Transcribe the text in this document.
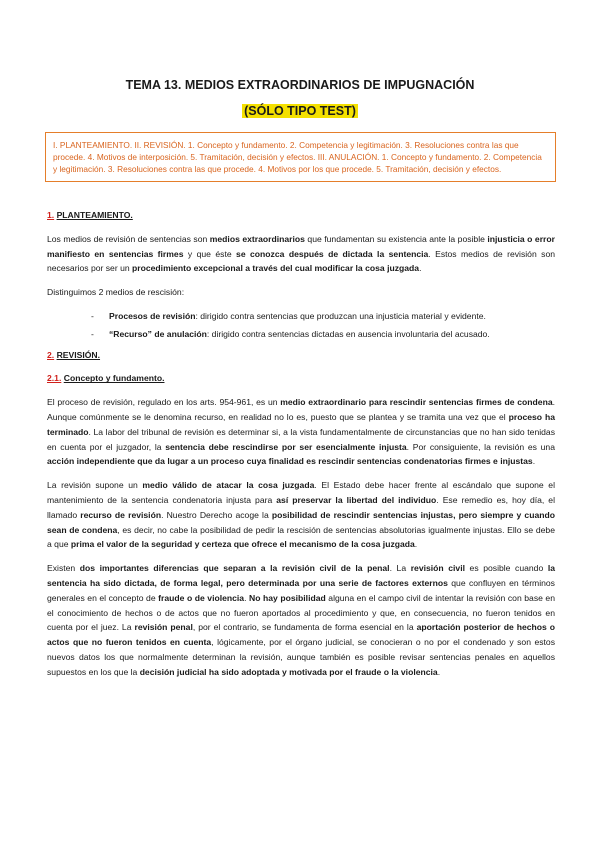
TEMA 13. MEDIOS EXTRAORDINARIOS DE IMPUGNACIÓN
(SÓLO TIPO TEST)
I. PLANTEAMIENTO. II. REVISIÓN. 1. Concepto y fundamento. 2. Competencia y legitimación. 3. Resoluciones contra las que procede. 4. Motivos de interposición. 5. Tramitación, decisión y efectos. III. ANULACIÓN. 1. Concepto y fundamento. 2. Competencia y legitimación. 3. Resoluciones contra las que procede. 4. Motivos por los que procede. 5. Tramitación, decisión y efectos.
1. PLANTEAMIENTO.

Los medios de revisión de sentencias son medios extraordinarios que fundamentan su existencia ante la posible injusticia o error manifiesto en sentencias firmes y que éste se conozca después de dictada la sentencia. Estos medios de revisión son necesarios por ser un procedimiento excepcional a través del cual modificar la cosa juzgada.

Distinguimos 2 medios de rescisión:

- Procesos de revisión: dirigido contra sentencias que produzcan una injusticia material y evidente.
- “Recurso” de anulación: dirigido contra sentencias dictadas en ausencia involuntaria del acusado.
2. REVISIÓN.
2.1. Concepto y fundamento.

El proceso de revisión, regulado en los arts. 954-961, es un medio extraordinario para rescindir sentencias firmes de condena. Aunque comúnmente se le denomina recurso, en realidad no lo es, puesto que se plantea y se tramita una vez que el proceso ha terminado. La labor del tribunal de revisión es determinar si, a la vista fundamentalmente de circunstancias que no han sido tenidas en cuenta por el juzgador, la sentencia debe rescindirse por ser esencialmente injusta. Por consiguiente, la revisión es una acción independiente que da lugar a un proceso cuya finalidad es rescindir sentencias condenatorias firmes e injustas.

La revisión supone un medio válido de atacar la cosa juzgada. El Estado debe hacer frente al escándalo que supone el mantenimiento de la sentencia condenatoria injusta para así preservar la libertad del individuo. Ese remedio es, hoy día, el llamado recurso de revisión. Nuestro Derecho acoge la posibilidad de rescindir sentencias injustas, pero siempre y cuando sean de condena, es decir, no cabe la posibilidad de pedir la rescisión de sentencias absolutorias igualmente injustas. Ello se debe a que prima el valor de la seguridad y certeza que ofrece el mecanismo de la cosa juzgada.

Existen dos importantes diferencias que separan a la revisión civil de la penal. La revisión civil es posible cuando la sentencia ha sido dictada, de forma legal, pero determinada por una serie de factores externos que confluyen en términos generales en el concepto de fraude o de violencia. No hay posibilidad alguna en el campo civil de intentar la revisión con base en el conocimiento de hechos o de actos que no fueron aportados al procedimiento y que, en consecuencia, no fueron tenidos en cuenta por el juez. La revisión penal, por el contrario, se fundamenta de forma esencial en la aportación posterior de hechos o actos que no fueron tenidos en cuenta, lógicamente, por el órgano judicial, se conocieran o no por el condenado y son estos nuevos datos los que normalmente determinan la revisión, aunque también es posible revisar sentencias penales en aquellos supuestos en los que la decisión judicial ha sido adoptada y motivada por el fraude o la violencia.
